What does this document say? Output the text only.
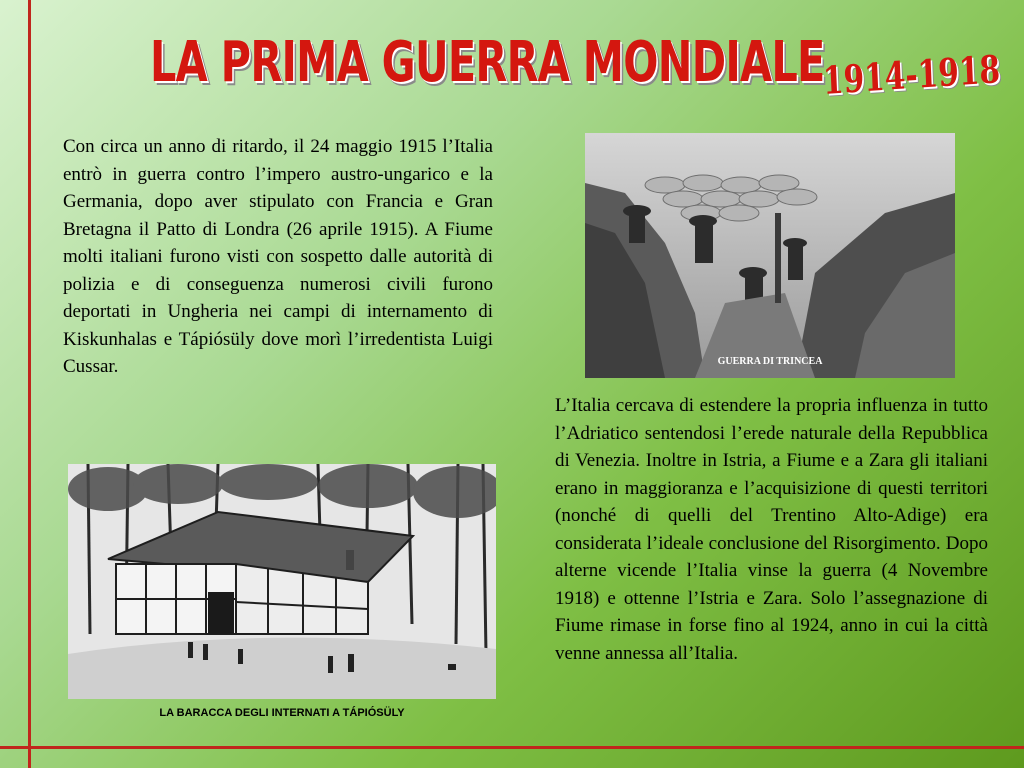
LA PRIMA GUERRA MONDIALE
1914-1918
Con circa un anno di ritardo, il 24 maggio 1915 l’Italia entrò in guerra contro l’impero austro-ungarico e la Germania, dopo aver stipulato con Francia e Gran Bretagna il Patto di Londra (26 aprile 1915). A Fiume molti italiani furono visti con sospetto dalle autorità di polizia e di conseguenza numerosi civili furono deportati in Ungheria nei campi di internamento di Kiskunhalas e Tápiósüly dove morì l’irredentista Luigi Cussar.	GUERRA DI TRINCEA
L’Italia cercava di estendere la propria influenza in tutto l’Adriatico sentendosi l’erede naturale della Repubblica di Venezia. Inoltre in Istria, a Fiume e a Zara gli italiani erano in maggioranza e l’acquisizione di questi territori (nonché di quelli del Trentino Alto-Adige) era considerata l’ideale conclusione del Risorgimento. Dopo alterne vicende l’Italia vinse la guerra (4 Novembre 1918) e ottenne l’Istria e Zara. Solo l’assegnazione di Fiume rimase in forse fino al 1924, anno in cui la città venne annessa all’Italia.
LA BARACCA DEGLI INTERNATI A TÁPIÓSÜLY
